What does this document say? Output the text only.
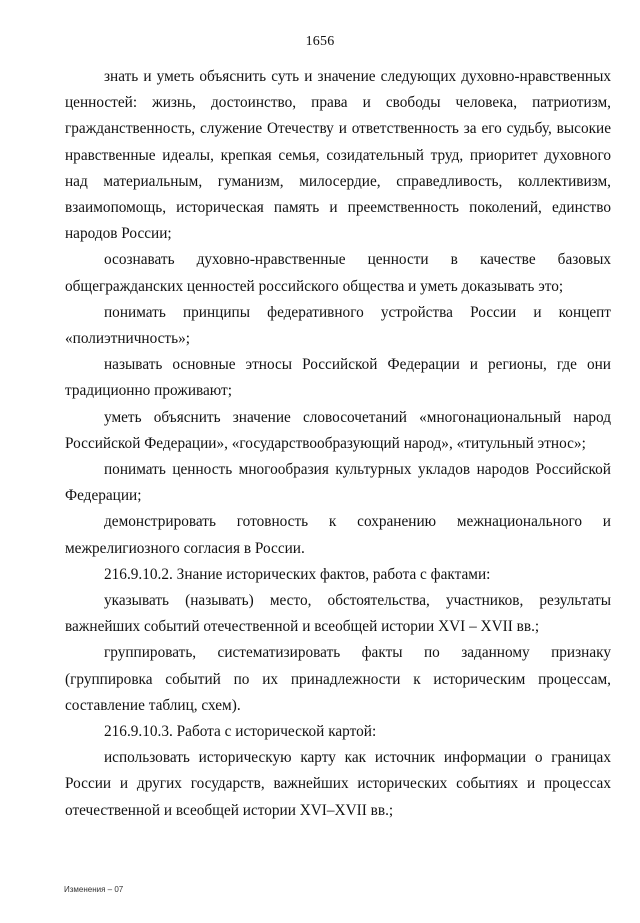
1656

знать и уметь объяснить суть и значение следующих духовно-нравственных ценностей: жизнь, достоинство, права и свободы человека, патриотизм, гражданственность, служение Отечеству и ответственность за его судьбу, высокие нравственные идеалы, крепкая семья, созидательный труд, приоритет духовного над материальным, гуманизм, милосердие, справедливость, коллективизм, взаимопомощь, историческая память и преемственность поколений, единство народов России;

осознавать духовно-нравственные ценности в качестве базовых общегражданских ценностей российского общества и уметь доказывать это;

понимать принципы федеративного устройства России и концепт «полиэтничность»;

называть основные этносы Российской Федерации и регионы, где они традиционно проживают;

уметь объяснить значение словосочетаний «многонациональный народ Российской Федерации», «государствообразующий народ», «титульный этнос»;

понимать ценность многообразия культурных укладов народов Российской Федерации;

демонстрировать готовность к сохранению межнационального и межрелигиозного согласия в России.

216.9.10.2. Знание исторических фактов, работа с фактами:

указывать (называть) место, обстоятельства, участников, результаты важнейших событий отечественной и всеобщей истории XVI – XVII вв.;

группировать, систематизировать факты по заданному признаку (группировка событий по их принадлежности к историческим процессам, составление таблиц, схем).

216.9.10.3. Работа с исторической картой:

использовать историческую карту как источник информации о границах России и других государств, важнейших исторических событиях и процессах отечественной и всеобщей истории XVI–XVII вв.;

Изменения – 07
